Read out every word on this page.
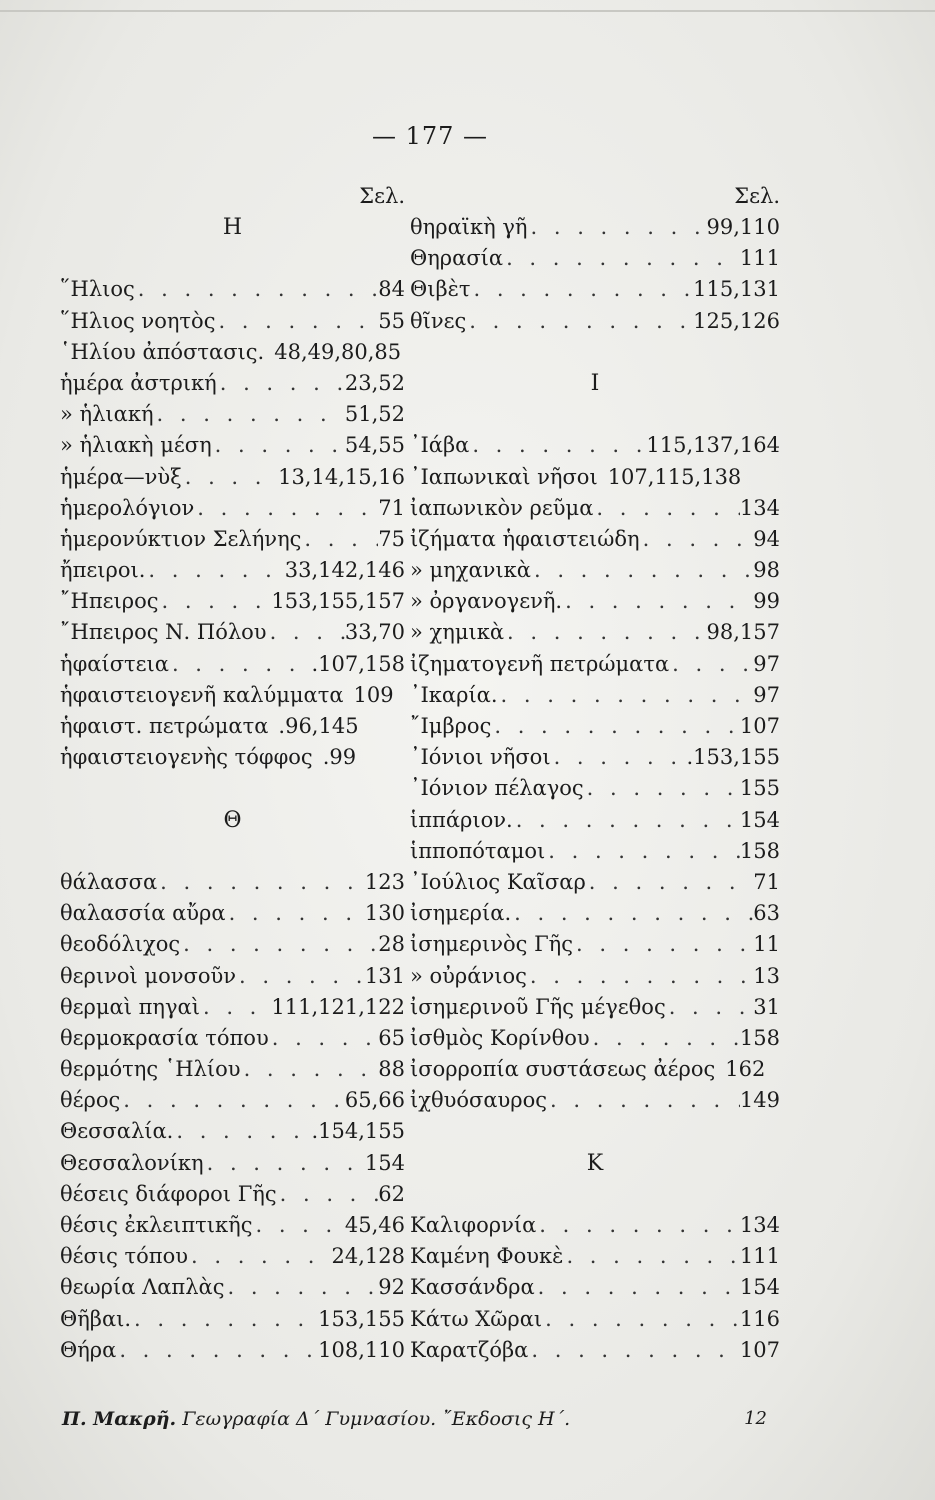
— 177 —
Σελ.
Η
῞Ηλιος . . .	84
῞Ηλιος νοητὸς . . .	55
῾Ηλίου ἀπόστασις. 48,49,80,85
ἡμέρα ἀστρική . . .	23,52
» ἡλιακή . . .	51,52
» ἡλιακὴ μέση . . .	54,55
ἡμέρα—νὺξ . . .	13,14,15,16
ἡμερολόγιον . . .	71
ἡμερονύκτιον Σελήνης . . .	75
ἤπειροι. . . .	33,142,146
῎Ηπειρος . . .	153,155,157
῎Ηπειρος Ν. Πόλου . . .	33,70
ἡφαίστεια . . .	.107,158
ἡφαιστειογενῆ καλύμματα 109
ἡφαιστ. πετρώματα .96,145
ἡφαιστειογενὴς τόφφος .99
Θ
θάλασσα . . .	123
θαλασσία αὔρα . . .	130
θεοδόλιχος . . .	28
θερινοὶ μονσοῦν . . .	131
θερμαὶ πηγαὶ . . .	111,121,122
θερμοκρασία τόπου . . .	65
θερμότης ῾Ηλίου . . .	88
θέρος . . .	65,66
Θεσσαλία. . . .	.154,155
Θεσσαλονίκη . . .	154
θέσεις διάφοροι Γῆς . . .	62
θέσις ἐκλειπτικῆς . . .	45,46
θέσις τόπου . . .	24,128
θεωρία Λαπλὰς . . .	92
Θῆβαι. . . .	153,155
Θήρα . . .	108,110
Σελ.
θηραϊκὴ γῆ . . .	99,110
Θηρασία . . .	111
Θιβὲτ . . .	115,131
θῖνες . . .	125,126
Ι
᾿Ιάβα . . .	115,137,164
᾿Ιαπωνικαὶ νῆσοι 107,115,138
ἰαπωνικὸν ρεῦμα . . .	134
ἰζήματα ἡφαιστειώδη . . .	94
» μηχανικὰ . . .	98
» ὀργανογενῆ. . . .	99
» χημικὰ . . .	98,157
ἰζηματογενῆ πετρώματα . . .	97
᾿Ικαρία. . . .	97
῎Ιμβρος . . .	107
᾿Ιόνιοι νῆσοι . . .	.153,155
᾿Ιόνιον πέλαγος . . .	155
ἱππάριον. . . .	154
ἱπποπόταμοι . . .	158
᾿Ιούλιος Καῖσαρ . . .	71
ἰσημερία. . . .	63
ἰσημερινὸς Γῆς . . .	11
» οὐράνιος . . .	13
ἰσημερινοῦ Γῆς μέγεθος . . .	31
ἰσθμὸς Κορίνθου . . .	158
ἰσορροπία συστάσεως ἀέρος 162
ἰχθυόσαυρος . . .	149
Κ
Καλιφορνία . . .	134
Καμένη Φουκὲ . . .	111
Κασσάνδρα . . .	154
Κάτω Χῶραι . . .	116
Καρατζόβα . . .	107
Π. Μακρῆ. Γεωγραφία Δ΄ Γυμνασίου. ῎Εκδοσις Η΄.	12
